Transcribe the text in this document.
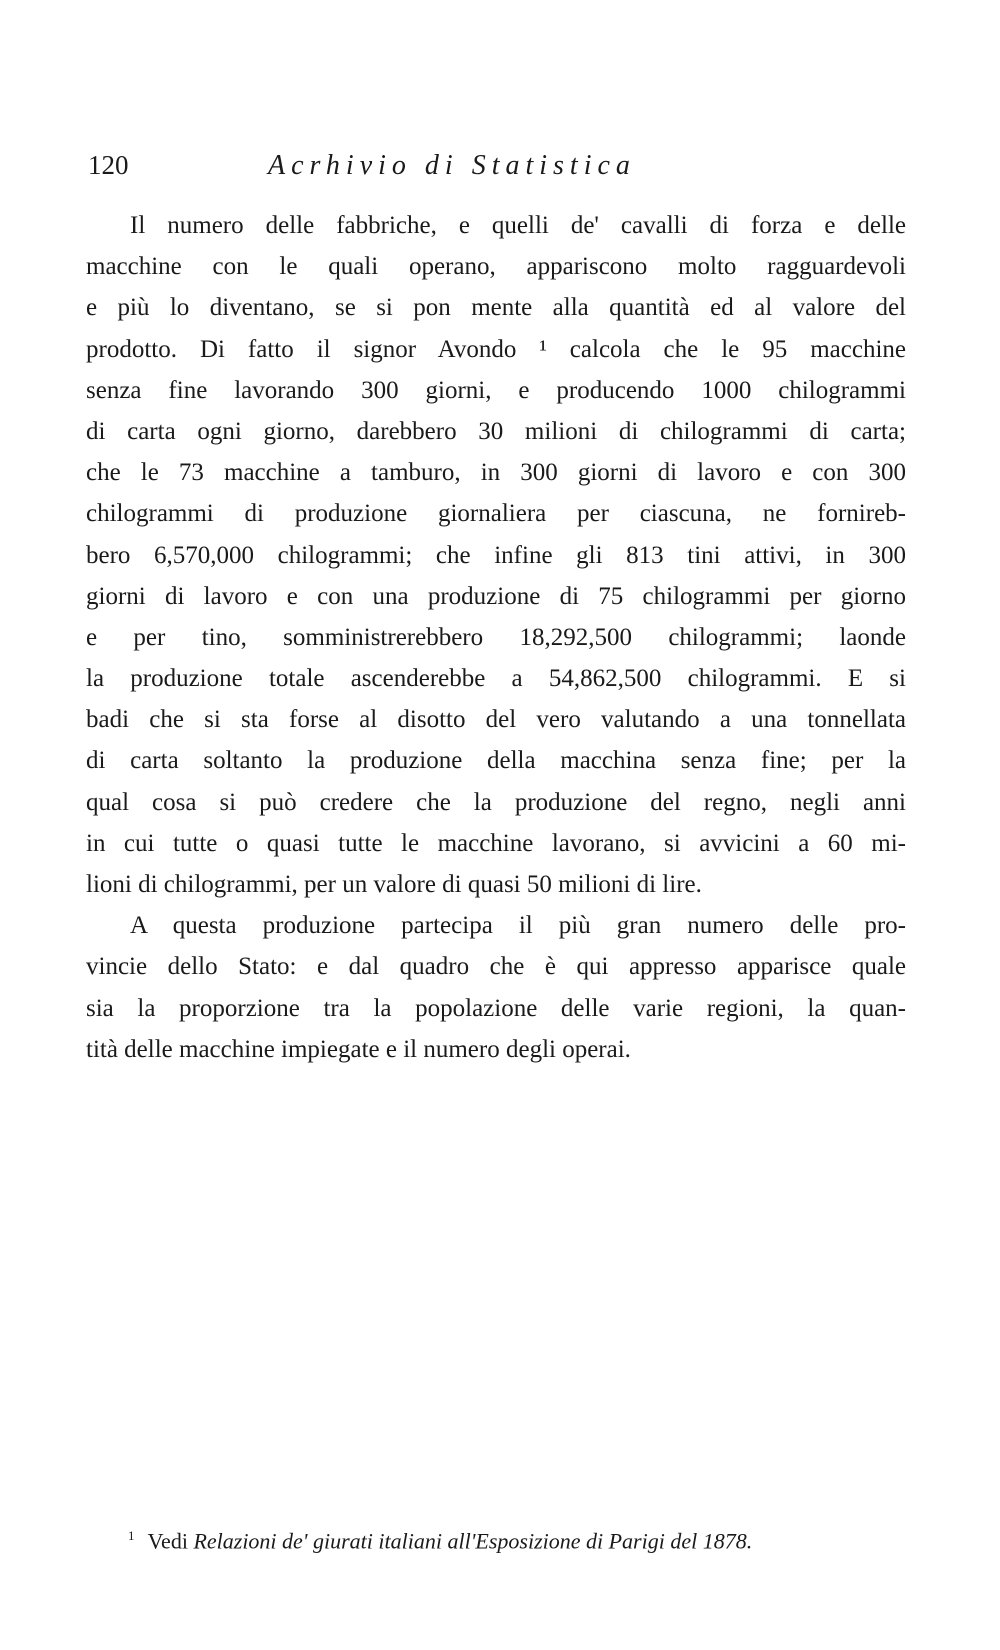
120	Acrhivio di Statistica
Il numero delle fabbriche, e quelli de' cavalli di forza e delle
macchine con le quali operano, appariscono molto ragguardevoli
e più lo diventano, se si pon mente alla quantità ed al valore del
prodotto. Di fatto il signor Avondo ¹ calcola che le 95 macchine
senza fine lavorando 300 giorni, e producendo 1000 chilogrammi
di carta ogni giorno, darebbero 30 milioni di chilogrammi di carta;
che le 73 macchine a tamburo, in 300 giorni di lavoro e con 300
chilogrammi di produzione giornaliera per ciascuna, ne fornireb-
bero 6,570,000 chilogrammi; che infine gli 813 tini attivi, in 300
giorni di lavoro e con una produzione di 75 chilogrammi per giorno
e per tino, somministrerebbero 18,292,500 chilogrammi; laonde
la produzione totale ascenderebbe a 54,862,500 chilogrammi. E si
badi che si sta forse al disotto del vero valutando a una tonnellata
di carta soltanto la produzione della macchina senza fine; per la
qual cosa si può credere che la produzione del regno, negli anni
in cui tutte o quasi tutte le macchine lavorano, si avvicini a 60 mi-
lioni di chilogrammi, per un valore di quasi 50 milioni di lire.
A questa produzione partecipa il più gran numero delle pro-
vincie dello Stato: e dal quadro che è qui appresso apparisce quale
sia la proporzione tra la popolazione delle varie regioni, la quan-
tità delle macchine impiegate e il numero degli operai.
$^1$ Vedi Relazioni de' giurati italiani all'Esposizione di Parigi del 1878.
